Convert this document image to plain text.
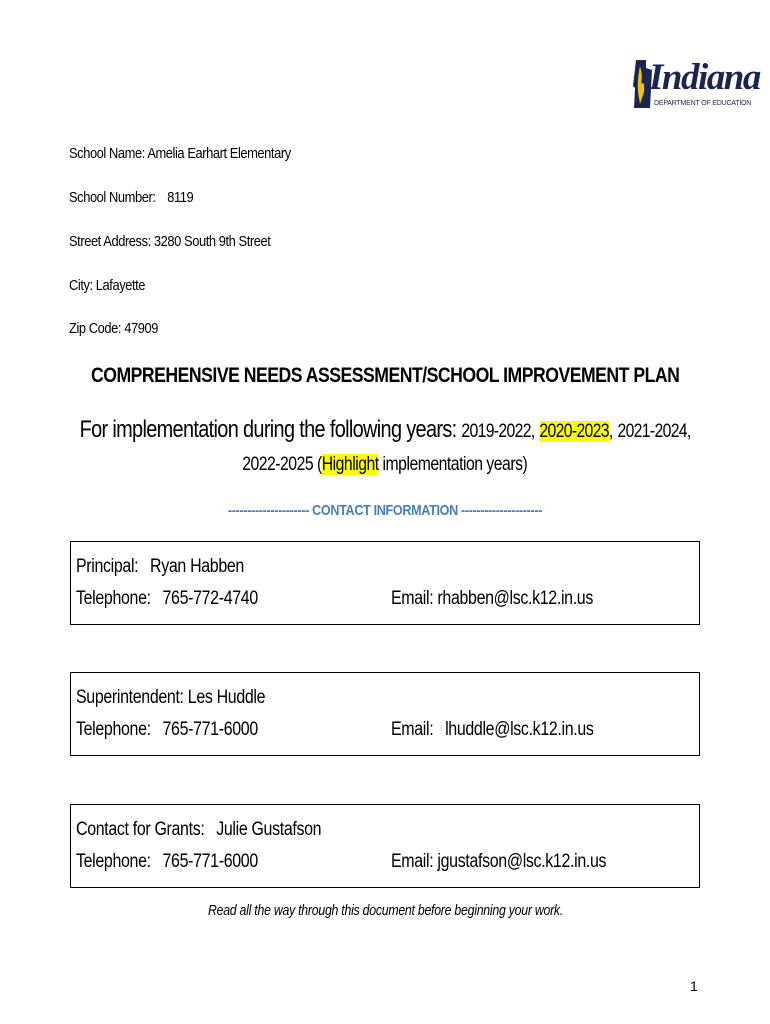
Indiana
DEPARTMENT OF EDUCATION
School Name: Amelia Earhart Elementary
School Number: 8119
Street Address: 3280 South 9th Street
City: Lafayette
Zip Code: 47909
COMPREHENSIVE NEEDS ASSESSMENT/SCHOOL IMPROVEMENT PLAN
For implementation during the following years: 2019-2022, 2020-2023, 2021-2024,
2022-2025 (Highlight implementation years)
--------------------- CONTACT INFORMATION ---------------------
Principal: Ryan Habben
Telephone: 765-772-4740	Email: rhabben@lsc.k12.in.us
Superintendent: Les Huddle
Telephone: 765-771-6000	Email: lhuddle@lsc.k12.in.us
Contact for Grants: Julie Gustafson
Telephone: 765-771-6000	Email: jgustafson@lsc.k12.in.us
Read all the way through this document before beginning your work.
1
